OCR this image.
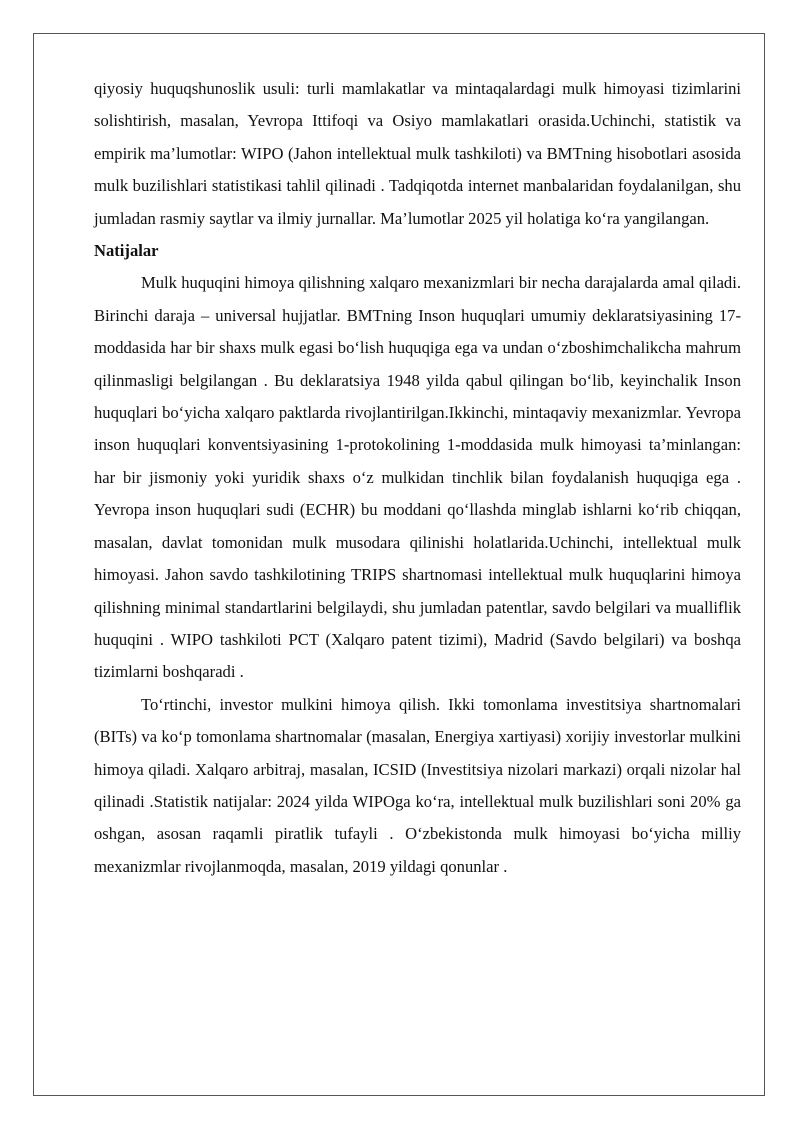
qiyosiy huquqshunoslik usuli: turli mamlakatlar va mintaqalardagi mulk himoyasi tizimlarini solishtirish, masalan, Yevropa Ittifoqi va Osiyo mamlakatlari orasida.Uchinchi, statistik va empirik ma’lumotlar: WIPO (Jahon intellektual mulk tashkiloti) va BMTning hisobotlari asosida mulk buzilishlari statistikasi tahlil qilinadi . Tadqiqotda internet manbalaridan foydalanilgan, shu jumladan rasmiy saytlar va ilmiy jurnallar. Ma’lumotlar 2025 yil holatiga ko‘ra yangilangan.

Natijalar

Mulk huquqini himoya qilishning xalqaro mexanizmlari bir necha darajalarda amal qiladi. Birinchi daraja – universal hujjatlar. BMTning Inson huquqlari umumiy deklaratsiyasining 17-moddasida har bir shaxs mulk egasi bo‘lish huquqiga ega va undan o‘zboshimchalikcha mahrum qilinmasligi belgilangan . Bu deklaratsiya 1948 yilda qabul qilingan bo‘lib, keyinchalik Inson huquqlari bo‘yicha xalqaro paktlarda rivojlantirilgan.Ikkinchi, mintaqaviy mexanizmlar. Yevropa inson huquqlari konventsiyasining 1-protokolining 1-moddasida mulk himoyasi ta’minlangan: har bir jismoniy yoki yuridik shaxs o‘z mulkidan tinchlik bilan foydalanish huquqiga ega . Yevropa inson huquqlari sudi (ECHR) bu moddani qo‘llashda minglab ishlarni ko‘rib chiqqan, masalan, davlat tomonidan mulk musodara qilinishi holatlarida.Uchinchi, intellektual mulk himoyasi. Jahon savdo tashkilotining TRIPS shartnomasi intellektual mulk huquqlarini himoya qilishning minimal standartlarini belgilaydi, shu jumladan patentlar, savdo belgilari va mualliflik huquqini . WIPO tashkiloti PCT (Xalqaro patent tizimi), Madrid (Savdo belgilari) va boshqa tizimlarni boshqaradi .

To‘rtinchi, investor mulkini himoya qilish. Ikki tomonlama investitsiya shartnomalari (BITs) va ko‘p tomonlama shartnomalar (masalan, Energiya xartiyasi) xorijiy investorlar mulkini himoya qiladi. Xalqaro arbitraj, masalan, ICSID (Investitsiya nizolari markazi) orqali nizolar hal qilinadi .Statistik natijalar: 2024 yilda WIPOga ko‘ra, intellektual mulk buzilishlari soni 20% ga oshgan, asosan raqamli piratlik tufayli . O‘zbekistonda mulk himoyasi bo‘yicha milliy mexanizmlar rivojlanmoqda, masalan, 2019 yildagi qonunlar .
